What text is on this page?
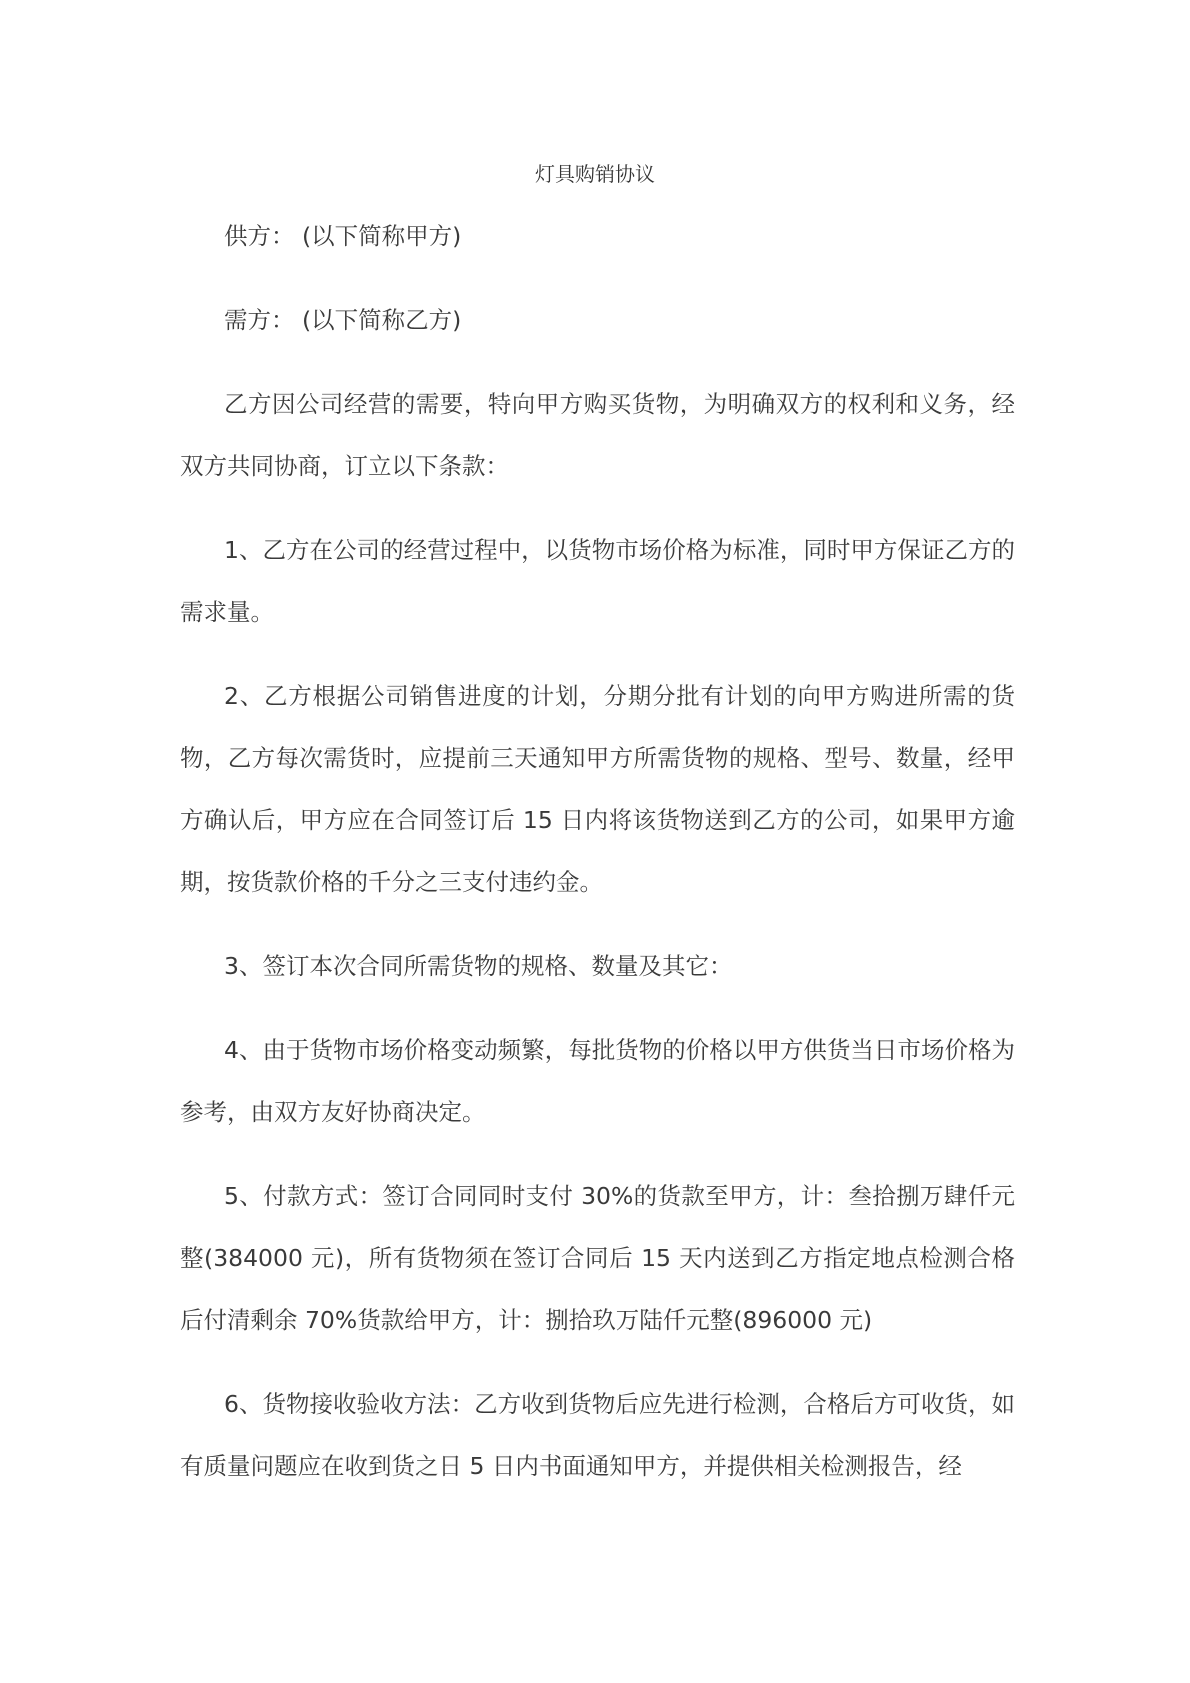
灯具购销协议

供方： (以下简称甲方)

需方： (以下简称乙方)

乙方因公司经营的需要，特向甲方购买货物，为明确双方的权利和义务，经双方共同协商，订立以下条款：

1、乙方在公司的经营过程中，以货物市场价格为标准，同时甲方保证乙方的需求量。

2、乙方根据公司销售进度的计划，分期分批有计划的向甲方购进所需的货物，乙方每次需货时，应提前三天通知甲方所需货物的规格、型号、数量，经甲方确认后，甲方应在合同签订后 15 日内将该货物送到乙方的公司，如果甲方逾期，按货款价格的千分之三支付违约金。

3、签订本次合同所需货物的规格、数量及其它：

4、由于货物市场价格变动频繁，每批货物的价格以甲方供货当日市场价格为参考，由双方友好协商决定。

5、付款方式：签订合同同时支付 30%的货款至甲方，计：叁拾捌万肆仟元整(384000 元)，所有货物须在签订合同后 15 天内送到乙方指定地点检测合格后付清剩余 70%货款给甲方，计：捌拾玖万陆仟元整(896000 元)

6、货物接收验收方法：乙方收到货物后应先进行检测，合格后方可收货，如有质量问题应在收到货之日 5 日内书面通知甲方，并提供相关检测报告，经
